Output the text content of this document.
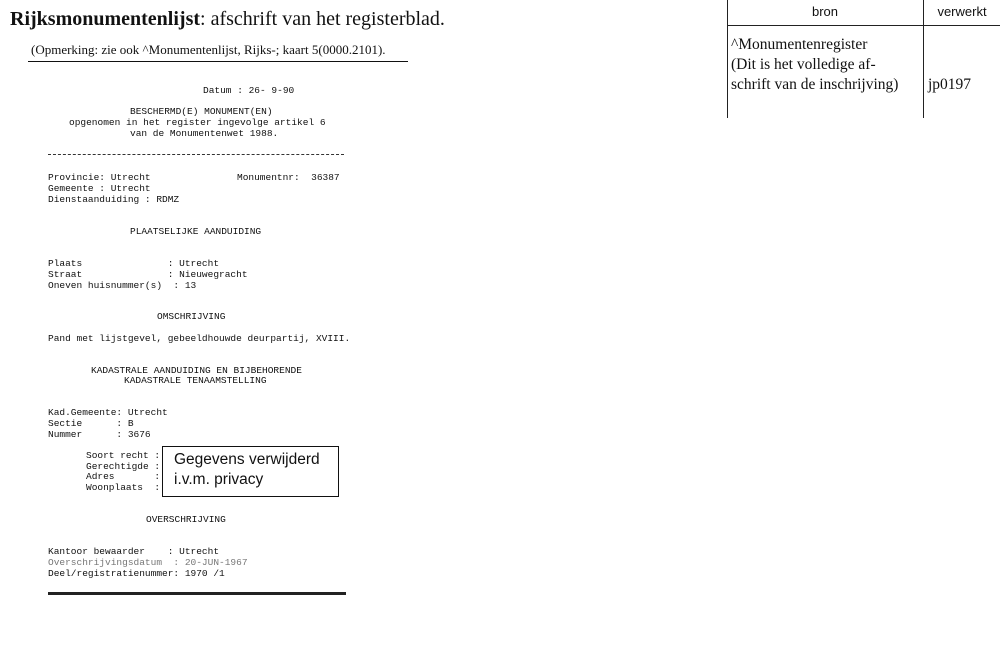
Rijksmonumentenlijst: afschrift van het registerblad.
(Opmerking: zie ook ^Monumentenlijst, Rijks-; kaart 5(0000.2101).
Datum : 26- 9-90
BESCHERMD(E) MONUMENT(EN)
opgenomen in het register ingevolge artikel 6
van de Monumentenwet 1988.
Provincie: Utrecht	Monumentnr:  36387
Gemeente : Utrecht
Dienstaanduiding : RDMZ
PLAATSELIJKE AANDUIDING
Plaats               : Utrecht
Straat               : Nieuwegracht
Oneven huisnummer(s)  : 13
OMSCHRIJVING
Pand met lijstgevel, gebeeldhouwde deurpartij, XVIII.
KADASTRALE AANDUIDING EN BIJBEHORENDE
KADASTRALE TENAAMSTELLING
Kad.Gemeente: Utrecht
Sectie      : B
Nummer      : 3676
Soort recht :
Gerechtigde :
Adres       :
Woonplaats  :
Gegevens verwijderd
i.v.m. privacy
OVERSCHRIJVING
Kantoor bewaarder    : Utrecht
Overschrijvingsdatum  : 20-JUN-1967
Deel/registratienummer: 1970 /1
bron	verwerkt
^Monumentenregister
(Dit is het volledige af-
schrift van de inschrijving) jp0197
